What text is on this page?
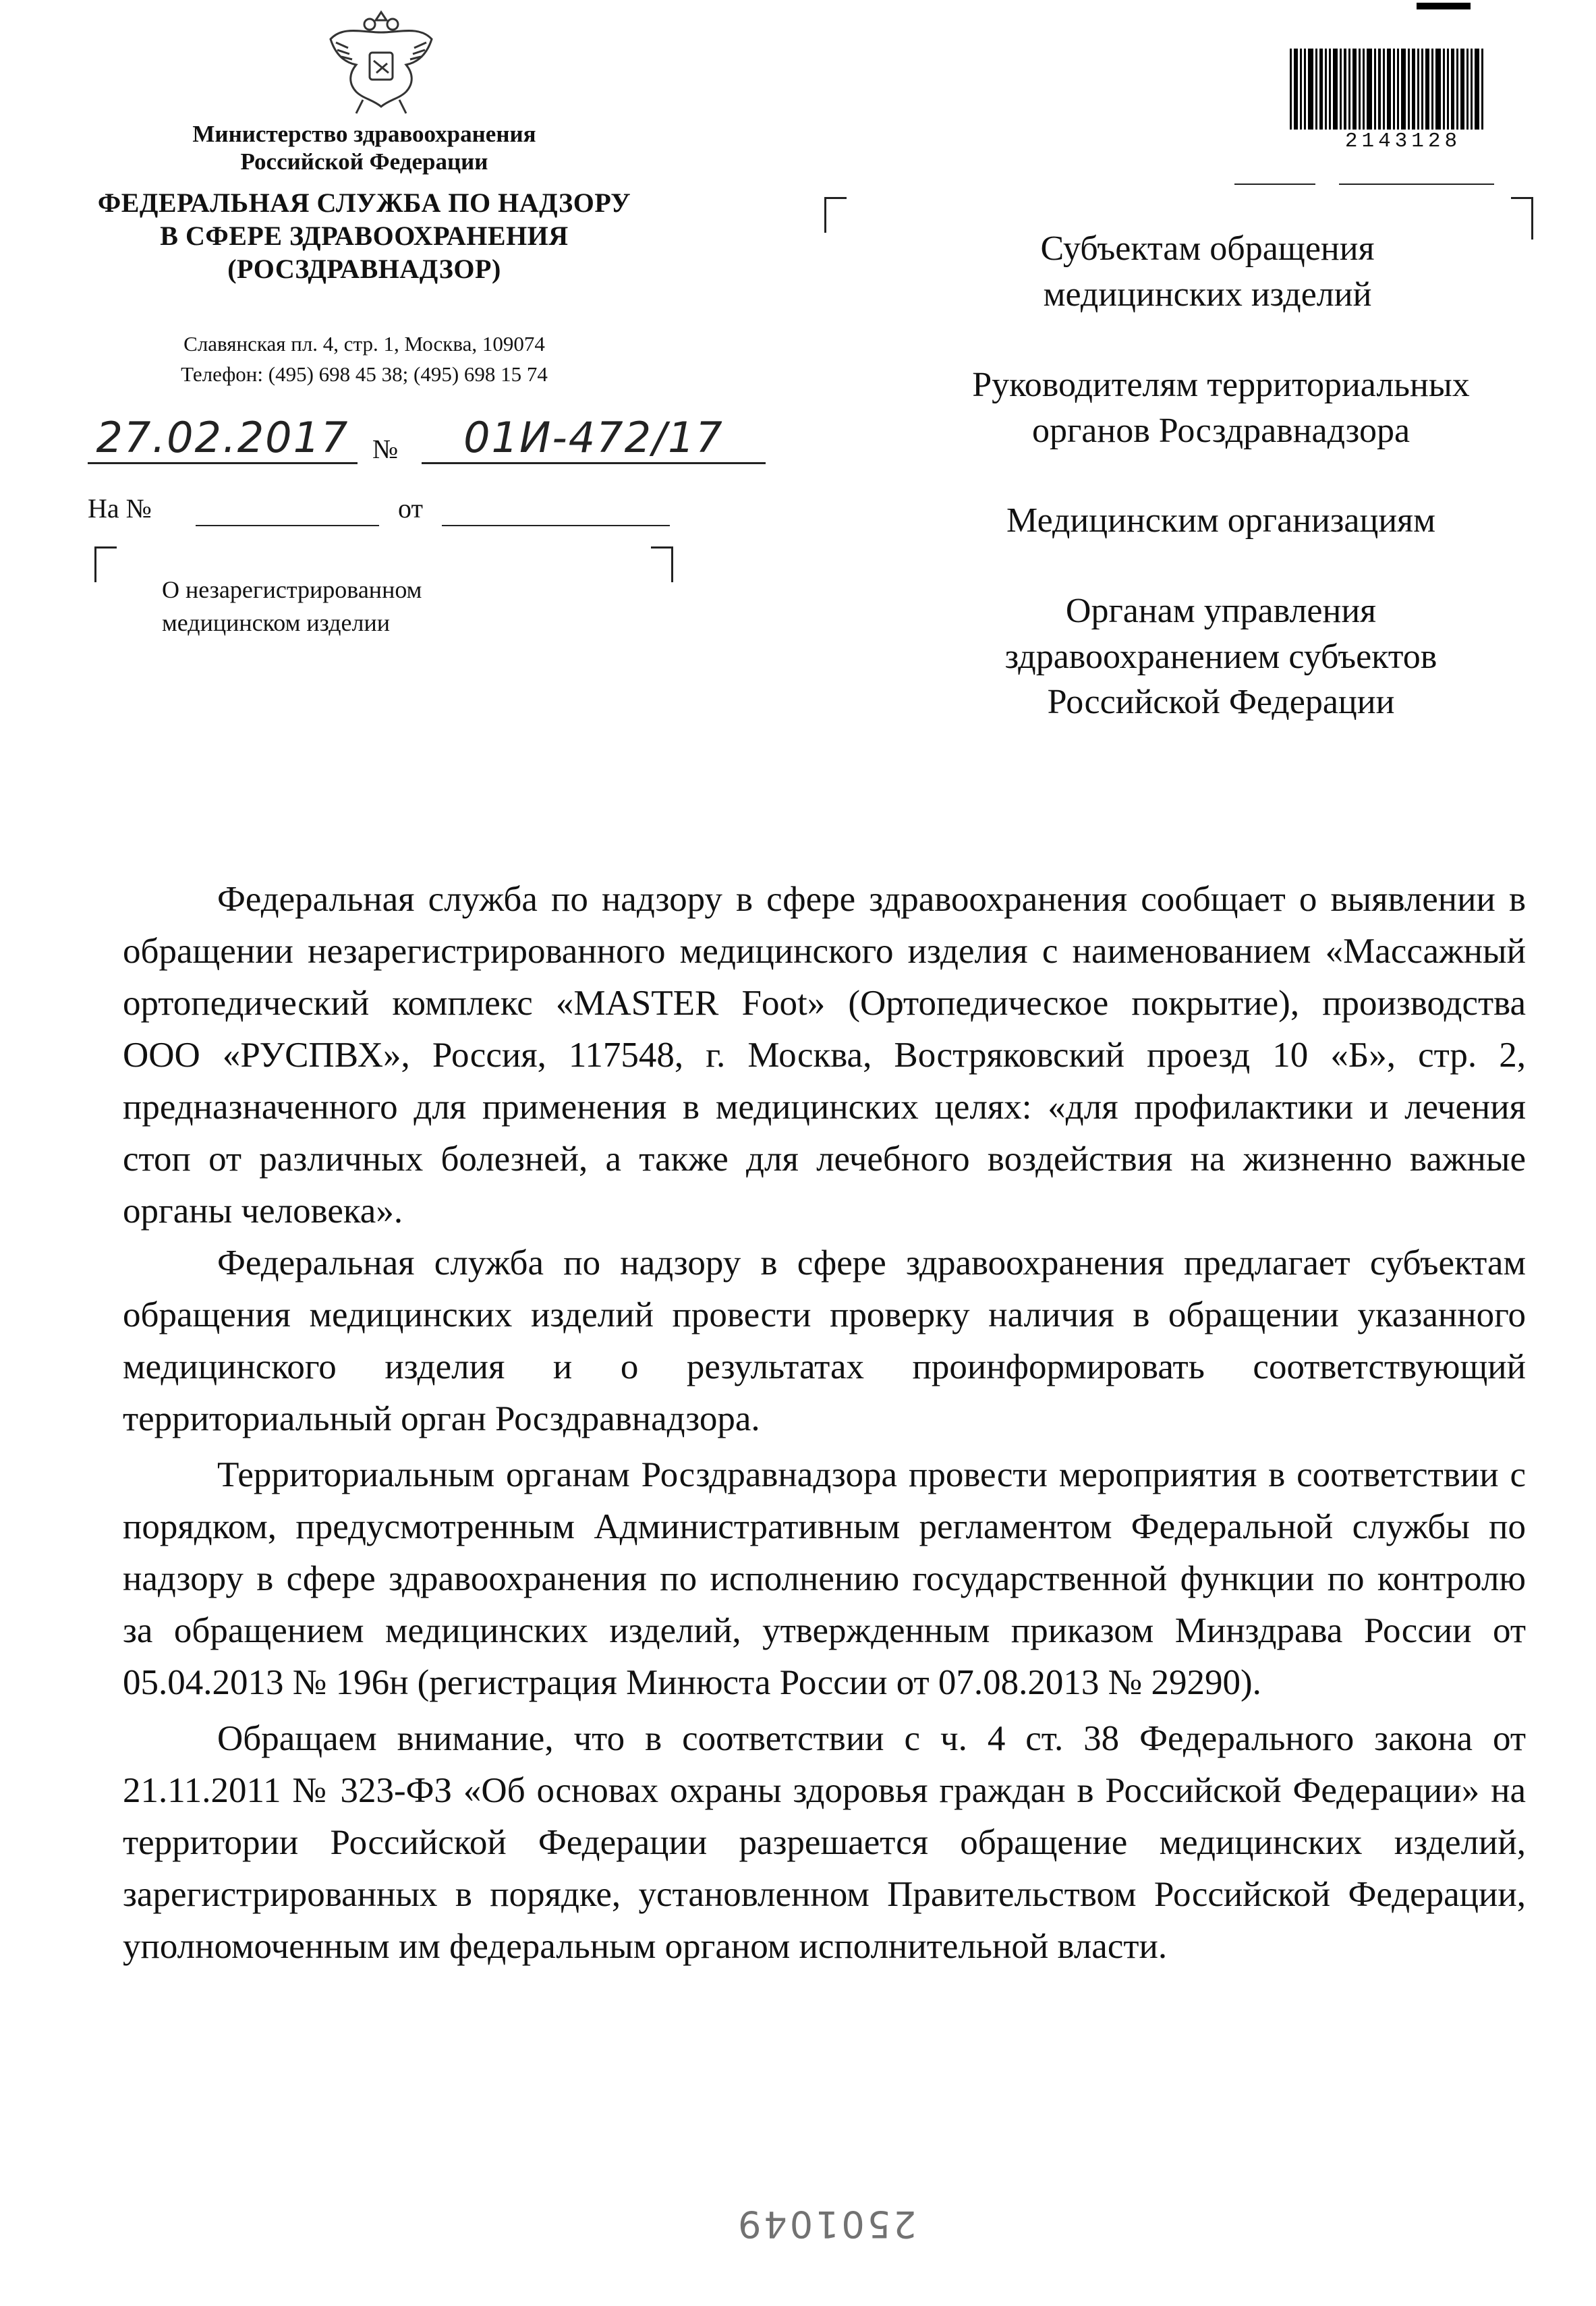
Министерство здравоохранения
Российской Федерации
ФЕДЕРАЛЬНАЯ СЛУЖБА ПО НАДЗОРУ
В СФЕРЕ ЗДРАВООХРАНЕНИЯ
(РОСЗДРАВНАДЗОР)
Славянская пл. 4, стр. 1, Москва, 109074
Телефон: (495) 698 45 38; (495) 698 15 74
27.02.2017 №	01И-472/17
На №	от
О незарегистрированном
медицинском изделии
2143128
Субъектам обращения
медицинских изделий
Руководителям территориальных
органов Росздравнадзора
Медицинским организациям
Органам управления
здравоохранением субъектов
Российской Федерации

Федеральная служба по надзору в сфере здравоохранения сообщает о выявлении в обращении незарегистрированного медицинского изделия с наименованием «Массажный ортопедический комплекс «MASTER Foot» (Ортопедическое покрытие), производства ООО «РУСПВХ», Россия, 117548, г. Москва, Востряковский проезд 10 «Б», стр. 2, предназначенного для применения в медицинских целях: «для профилактики и лечения стоп от различных болезней, а также для лечебного воздействия на жизненно важные органы человека».

Федеральная служба по надзору в сфере здравоохранения предлагает субъектам обращения медицинских изделий провести проверку наличия в обращении указанного медицинского изделия и о результатах проинформировать соответствующий территориальный орган Росздравнадзора.

Территориальным органам Росздравнадзора провести мероприятия в соответствии с порядком, предусмотренным Административным регламентом Федеральной службы по надзору в сфере здравоохранения по исполнению государственной функции по контролю за обращением медицинских изделий, утвержденным приказом Минздрава России от 05.04.2013 № 196н (регистрация Минюста России от 07.08.2013 № 29290).

Обращаем внимание, что в соответствии с ч. 4 ст. 38 Федерального закона от 21.11.2011 № 323-ФЗ «Об основах охраны здоровья граждан в Российской Федерации» на территории Российской Федерации разрешается обращение медицинских изделий, зарегистрированных в порядке, установленном Правительством Российской Федерации, уполномоченным им федеральным органом исполнительной власти.

2501049
